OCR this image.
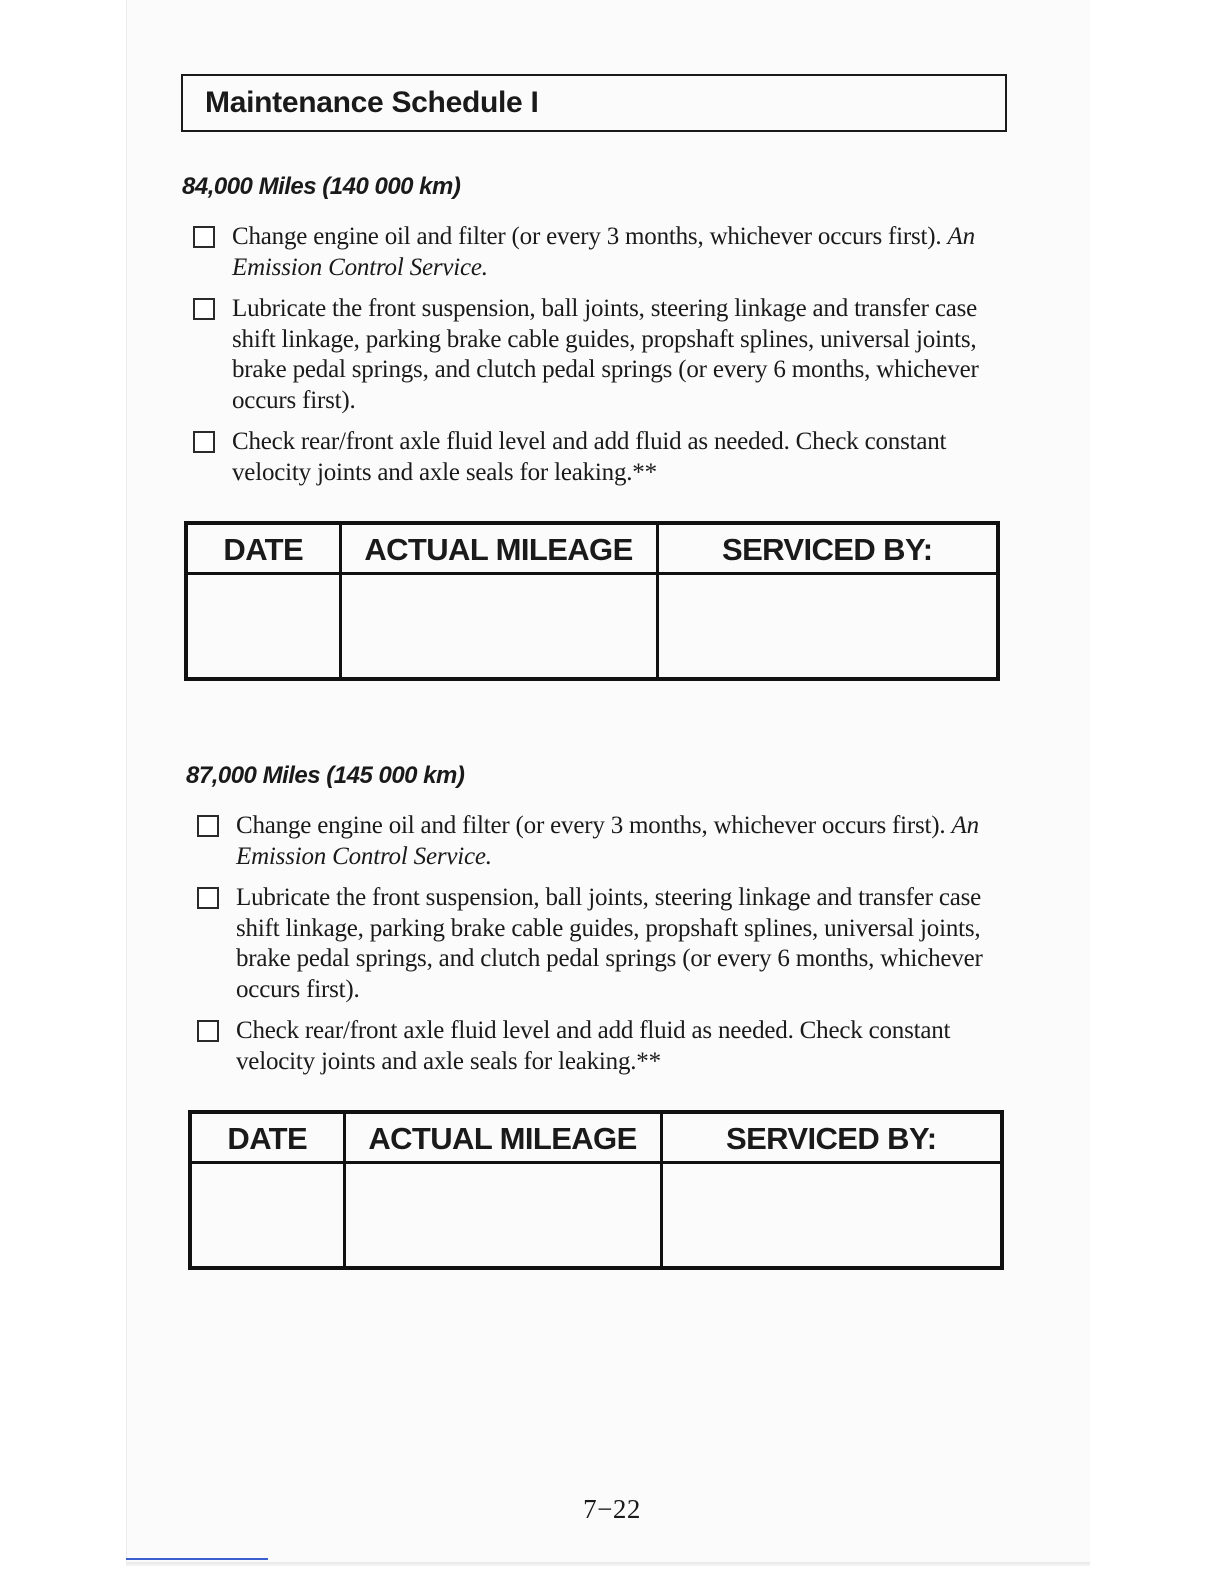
Maintenance Schedule I
84,000 Miles (140 000 km)
Change engine oil and filter (or every 3 months, whichever occurs first). An Emission Control Service.
Lubricate the front suspension, ball joints, steering linkage and transfer case shift linkage, parking brake cable guides, propshaft splines, universal joints, brake pedal springs, and clutch pedal springs (or every 6 months, whichever occurs first).
Check rear/front axle fluid level and add fluid as needed. Check constant velocity joints and axle seals for leaking.**
DATE	ACTUAL MILEAGE	SERVICED BY:

87,000 Miles (145 000 km)
Change engine oil and filter (or every 3 months, whichever occurs first). An Emission Control Service.
Lubricate the front suspension, ball joints, steering linkage and transfer case shift linkage, parking brake cable guides, propshaft splines, universal joints, brake pedal springs, and clutch pedal springs (or every 6 months, whichever occurs first).
Check rear/front axle fluid level and add fluid as needed. Check constant velocity joints and axle seals for leaking.**
DATE	ACTUAL MILEAGE	SERVICED BY:

7−22
